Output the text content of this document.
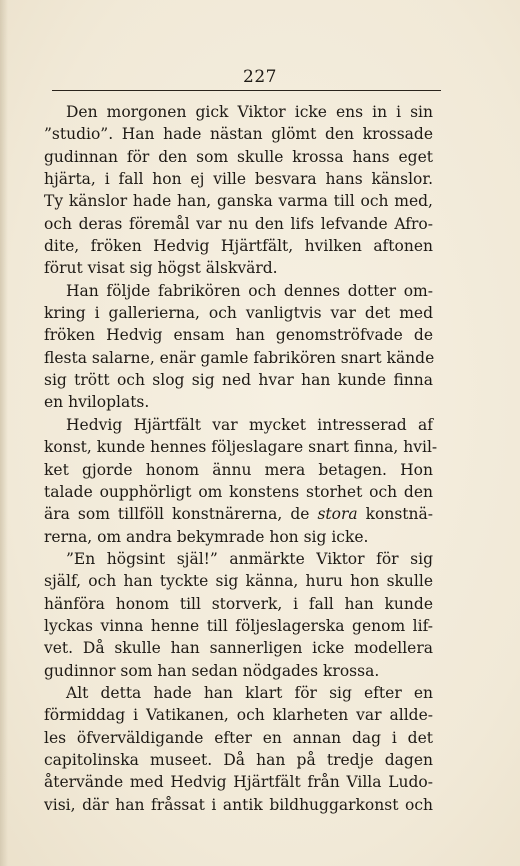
227
Den morgonen gick Viktor icke ens in i sin
”studio”. Han hade nästan glömt den krossade
gudinnan för den som skulle krossa hans eget
hjärta, i fall hon ej ville besvara hans känslor.
Ty känslor hade han, ganska varma till och med,
och deras föremål var nu den lifs lefvande Afro-
dite, fröken Hedvig Hjärtfält, hvilken aftonen
förut visat sig högst älskvärd.
Han följde fabrikören och dennes dotter om-
kring i gallerierna, och vanligtvis var det med
fröken Hedvig ensam han genomströfvade de
flesta salarne, enär gamle fabrikören snart kände
sig trött och slog sig ned hvar han kunde finna
en hviloplats.
Hedvig Hjärtfält var mycket intresserad af
konst, kunde hennes följeslagare snart finna, hvil-
ket gjorde honom ännu mera betagen. Hon
talade oupphörligt om konstens storhet och den
ära som tillföll konstnärerna, de stora konstnä-
rerna, om andra bekymrade hon sig icke.
”En högsint själ!” anmärkte Viktor för sig
själf, och han tyckte sig känna, huru hon skulle
hänföra honom till storverk, i fall han kunde
lyckas vinna henne till följeslagerska genom lif-
vet. Då skulle han sannerligen icke modellera
gudinnor som han sedan nödgades krossa.
Alt detta hade han klart för sig efter en
förmiddag i Vatikanen, och klarheten var allde-
les öfverväldigande efter en annan dag i det
capitolinska museet. Då han på tredje dagen
återvände med Hedvig Hjärtfält från Villa Ludo-
visi, där han fråssat i antik bildhuggarkonst och
